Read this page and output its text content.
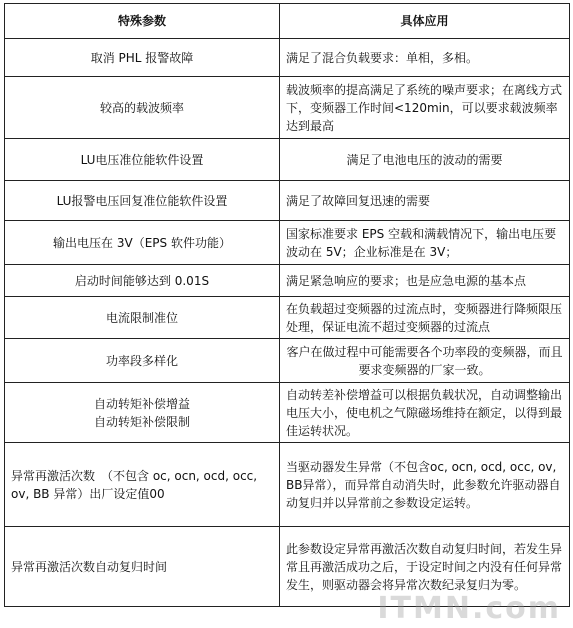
特殊参数	具体应用
取消 PHL 报警故障	满足了混合负载要求：单相，多相。
较高的载波频率	载波频率的提高满足了系统的噪声要求；在离线方式下，变频器工作时间<120min，可以要求载波频率达到最高
LU电压准位能软件设置	满足了电池电压的波动的需要
LU报警电压回复准位能软件设置	满足了故障回复迅速的需要
输出电压在 3V（EPS 软件功能）	国家标准要求 EPS 空载和满载情况下，输出电压要波动在 5V；企业标准是在 3V；
启动时间能够达到 0.01S	满足紧急响应的要求；也是应急电源的基本点
电流限制准位	在负载超过变频器的过流点时，变频器进行降频限压处理，保证电流不超过变频器的过流点
功率段多样化	客户在做过程中可能需要各个功率段的变频器，而且要求变频器的厂家一致。

自动转矩补偿增益
自动转矩补偿限制	自动转差补偿增益可以根据负载状况，自动调整输出电压大小，使电机之气隙磁场维持在额定，以得到最佳运转状况。
异常再激活次数　（不包含 oc, ocn, ocd, occ, ov, BB 异常）出厂设定值00	当驱动器发生异常（不包含oc, ocn, ocd, occ, ov, BB异常），而异常自动消失时，此参数允许驱动器自动复归并以异常前之参数设定运转。
异常再激活次数自动复归时间	此参数设定异常再激活次数自动复归时间，若发生异常且再激活成功之后，于设定时间之内没有任何异常发生，则驱动器会将异常次数纪录复归为零。
ITMN.com
